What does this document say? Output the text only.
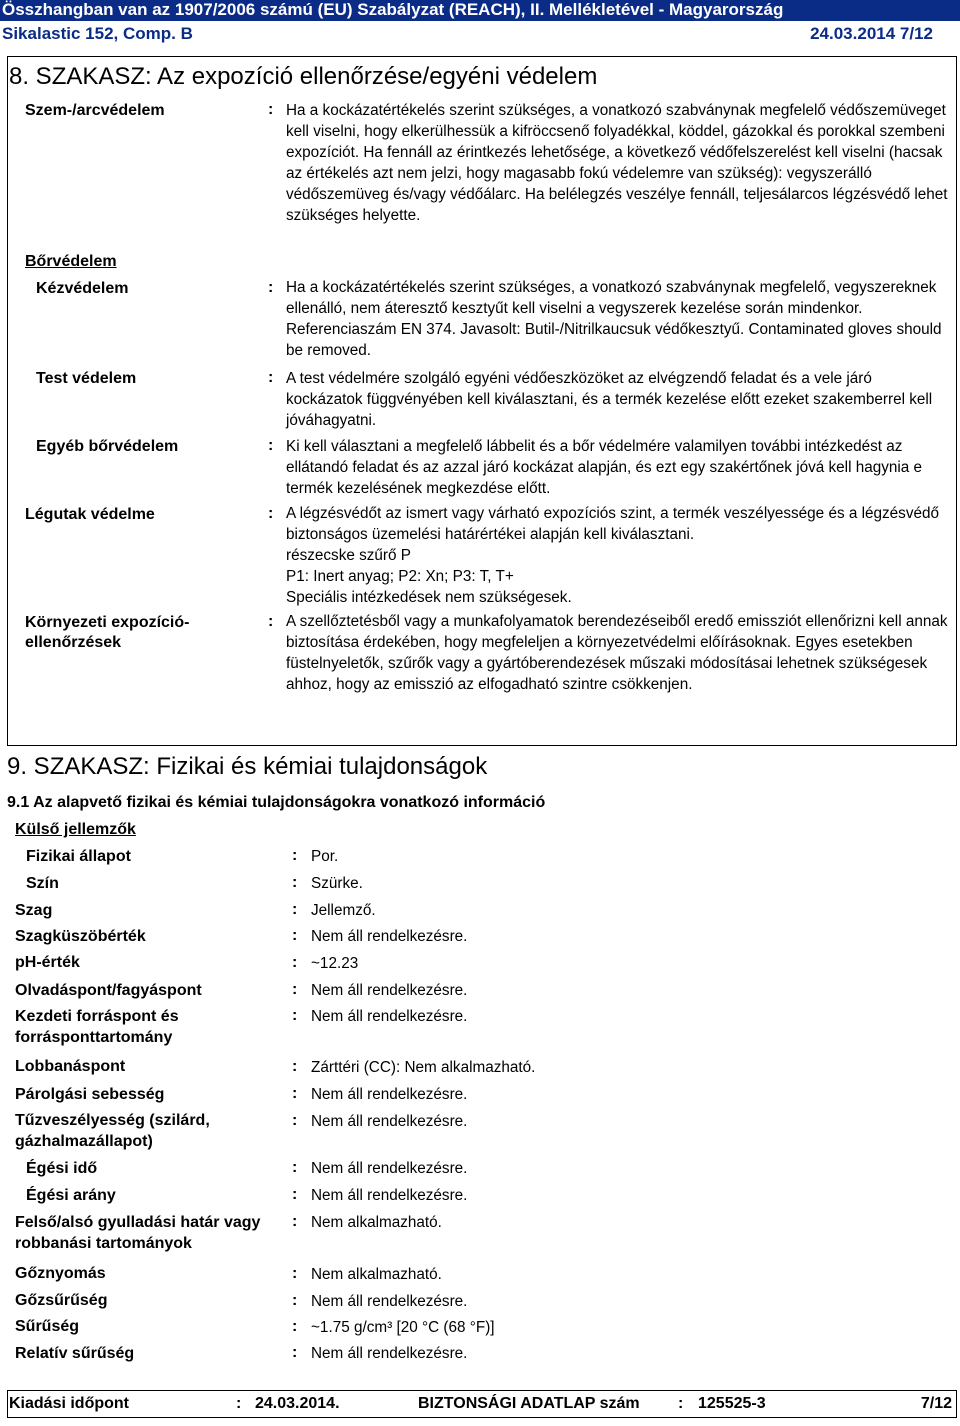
Összhangban van az 1907/2006 számú (EU) Szabályzat (REACH), II. Mellékletével - Magyarország
Sikalastic 152, Comp. B	24.03.2014 7/12
8. SZAKASZ: Az expozíció ellenőrzése/egyéni védelem
Szem-/arcvédelem	: Ha a kockázatértékelés szerint szükséges, a vonatkozó szabványnak megfelelő védőszemüveget kell viselni, hogy elkerülhessük a kifröccsenő folyadékkal, köddel, gázokkal és porokkal szembeni expozíciót. Ha fennáll az érintkezés lehetősége, a következő védőfelszerelést kell viselni (hacsak az értékelés azt nem jelzi, hogy magasabb fokú védelemre van szükség): vegyszerálló védőszemüveg és/vagy védőálarc. Ha belélegzés veszélye fennáll, teljesálarcos légzésvédő lehet szükséges helyette.
Bőrvédelem
Kézvédelem	: Ha a kockázatértékelés szerint szükséges, a vonatkozó szabványnak megfelelő, vegyszereknek ellenálló, nem áteresztő kesztyűt kell viselni a vegyszerek kezelése során mindenkor. Referenciaszám EN 374. Javasolt: Butil-/Nitrilkaucsuk védőkesztyű. Contaminated gloves should be removed.
Test védelem	: A test védelmére szolgáló egyéni védőeszközöket az elvégzendő feladat és a vele járó kockázatok függvényében kell kiválasztani, és a termék kezelése előtt ezeket szakemberrel kell jóváhagyatni.
Egyéb bőrvédelem	: Ki kell választani a megfelelő lábbelit és a bőr védelmére valamilyen további intézkedést az ellátandó feladat és az azzal járó kockázat alapján, és ezt egy szakértőnek jóvá kell hagynia e termék kezelésének megkezdése előtt.
Légutak védelme	: A légzésvédőt az ismert vagy várható expozíciós szint, a termék veszélyessége és a légzésvédő biztonságos üzemelési határértékei alapján kell kiválasztani.
részecske szűrő P
P1: Inert anyag; P2: Xn; P3: T, T+
Speciális intézkedések nem szükségesek.
Környezeti expozíció-ellenőrzések
: A szellőztetésből vagy a munkafolyamatok berendezéseiből eredő emissziót ellenőrizni kell annak biztosítása érdekében, hogy megfeleljen a környezetvédelmi előírásoknak. Egyes esetekben füstelnyeletők, szűrők vagy a gyártóberendezések műszaki módosításai lehetnek szükségesek ahhoz, hogy az emisszió az elfogadható szintre csökkenjen.
9. SZAKASZ: Fizikai és kémiai tulajdonságok
9.1 Az alapvető fizikai és kémiai tulajdonságokra vonatkozó információ
Külső jellemzők
Fizikai állapot	: Por.
Szín	: Szürke.
Szag	: Jellemző.
Szagküszöbérték	: Nem áll rendelkezésre.
pH-érték	: ~12.23
Olvadáspont/fagyáspont	: Nem áll rendelkezésre.
Kezdeti forráspont és forrásponttartomány
: Nem áll rendelkezésre.
Lobbanáspont	: Zárttéri (CC): Nem alkalmazható.
Párolgási sebesség	: Nem áll rendelkezésre.
Tűzveszélyesség (szilárd, gázhalmazállapot)
: Nem áll rendelkezésre.
Égési idő	: Nem áll rendelkezésre.
Égési arány	: Nem áll rendelkezésre.
Felső/alsó gyulladási határ vagy robbanási tartományok
: Nem alkalmazható.
Gőznyomás	: Nem alkalmazható.
Gőzsűrűség	: Nem áll rendelkezésre.
Sűrűség	: ~1.75 g/cm³ [20 °C (68 °F)]
Relatív sűrűség	: Nem áll rendelkezésre.
Kiadási időpont	: 24.03.2014.	BIZTONSÁGI ADATLAP szám : 125525-3	7/12
